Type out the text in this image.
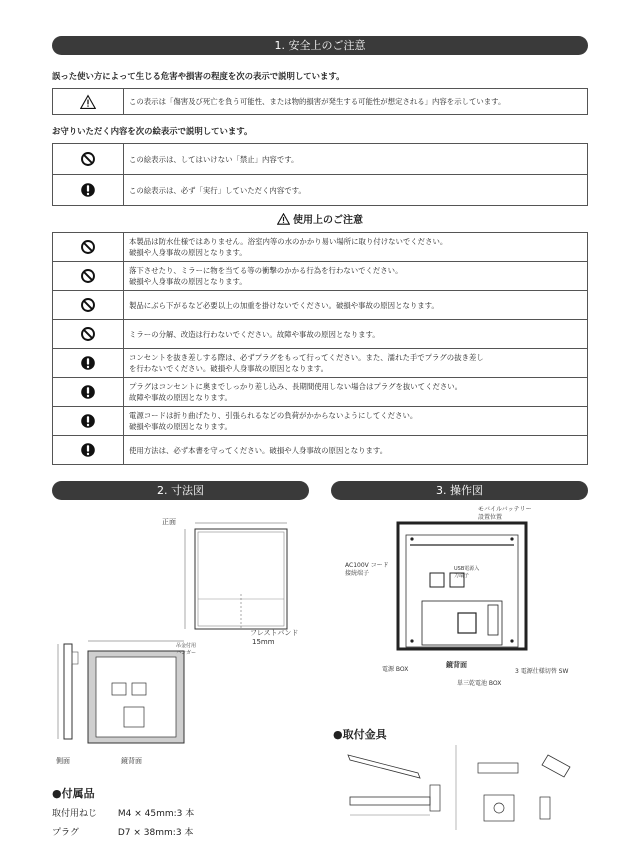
1. 安全上のご注意
誤った使い方によって生じる危害や損害の程度を次の表示で説明しています。
	この表示は「傷害及び死亡を負う可能性、または物的損害が発生する可能性が想定される」内容を示しています。
お守りいただく内容を次の絵表示で説明しています。
	この絵表示は、してはいけない「禁止」内容です。
	この絵表示は、必ず「実行」していただく内容です。
使用上のご注意

本製品は防水仕様ではありません。浴室内等の水のかかり易い場所に取り付けないでください。
破損や人身事故の原因となります。

落下させたり、ミラーに物を当てる等の衝撃のかかる行為を行わないでください。
破損や人身事故の原因となります。

製品にぶら下がるなど必要以上の加重を掛けないでください。破損や事故の原因となります。

ミラーの分解、改造は行わないでください。故障や事故の原因となります。

コンセントを抜き差しする際は、必ずプラグをもって行ってください。また、濡れた手でプラグの抜き差し
を行わないでください。破損や人身事故の原因となります。

プラグはコンセントに奥までしっかり差し込み、長期間使用しない場合はプラグを抜いてください。
故障や事故の原因となります。

電源コードは折り曲げたり、引張られるなどの負荷がかからないようにしてください。
破損や事故の原因となります。

使用方法は、必ず本書を守ってください。破損や人身事故の原因となります。
2. 寸法図	3. 操作図
正面
フレストバンド
15mm
吊金付用
ハンガー
側面	鏡背面
モバイルバッテリー
設置位置
AC100V コード
接続端子
USB電源入
力端子
電源 BOX
鏡背面
3 電源仕様切替 SW
単三乾電池 BOX
●取付金具
●付属品
取付用ねじ M4 × 45mm:3 本
プラグ	D7 × 38mm:3 本
